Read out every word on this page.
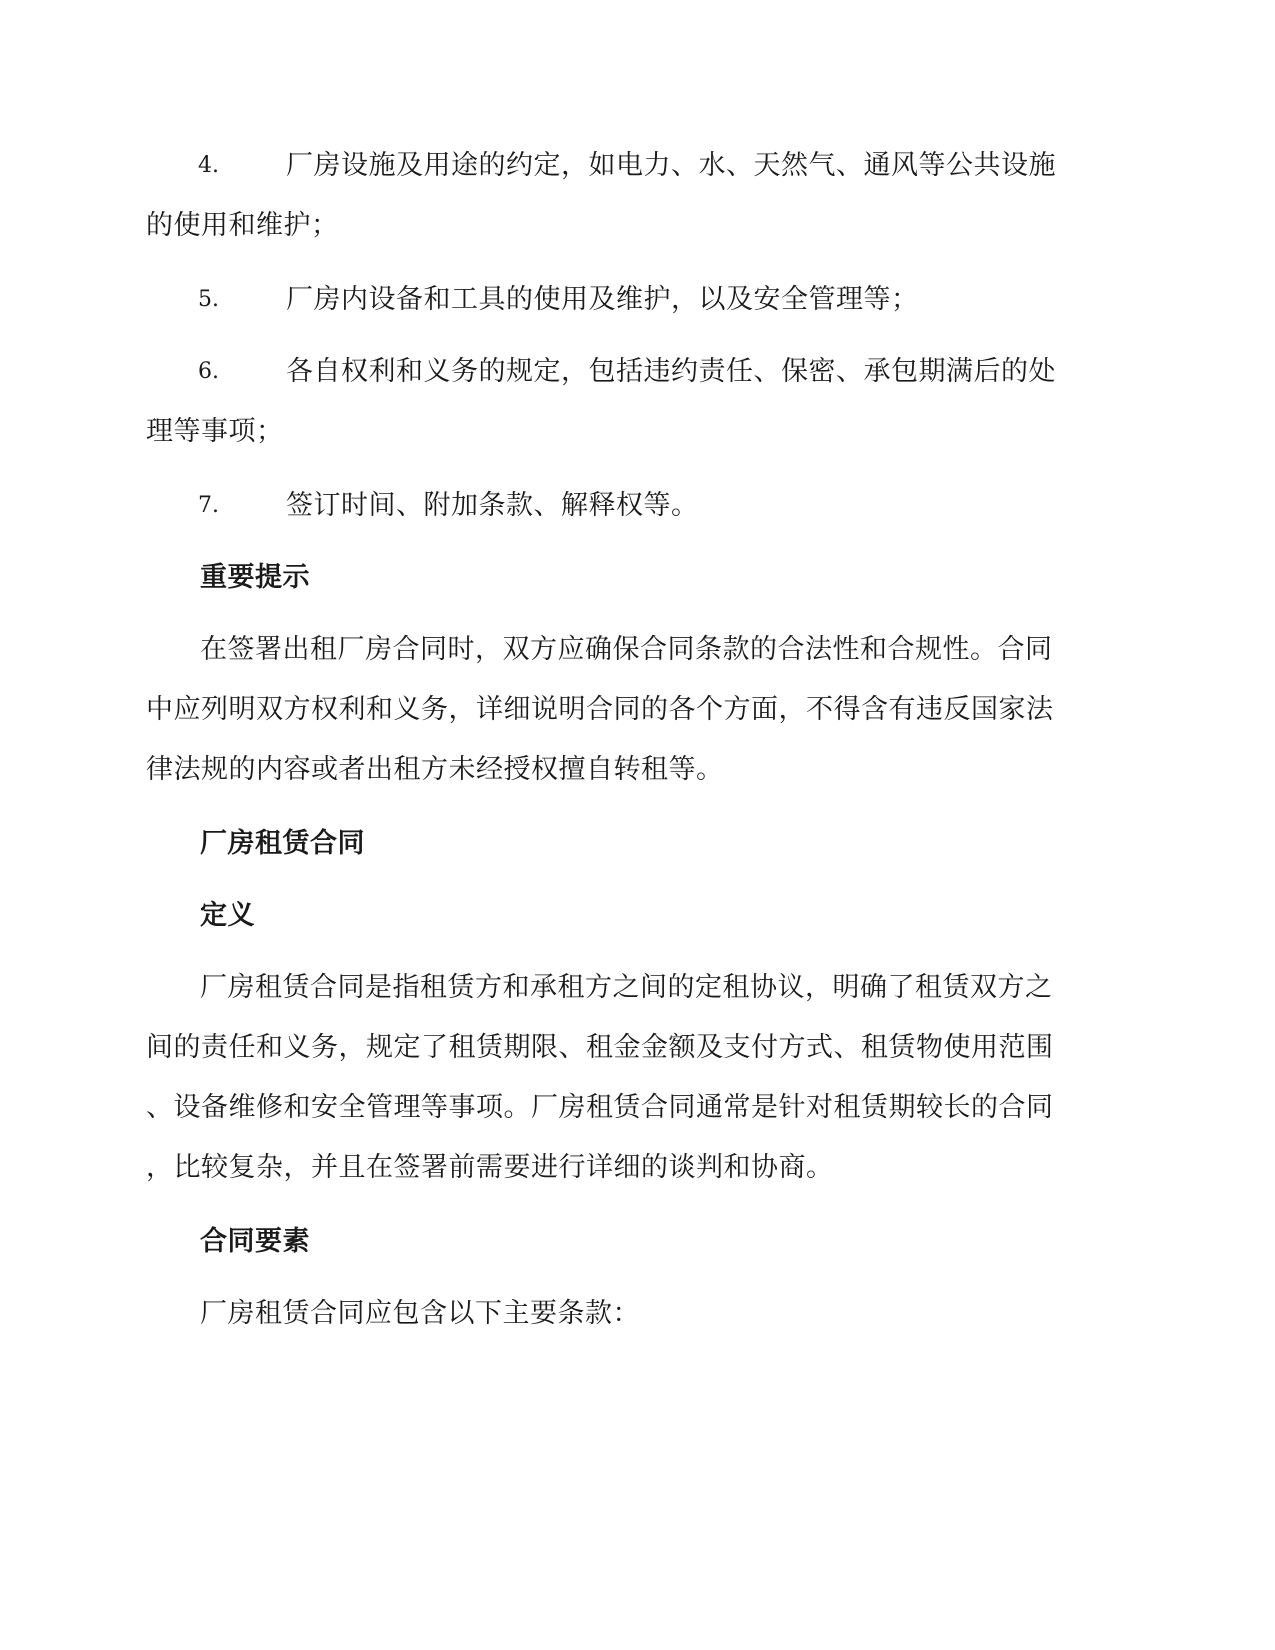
4. 厂房设施及用途的约定，如电力、水、天然气、通风等公共设施
的使用和维护；
5. 厂房内设备和工具的使用及维护，以及安全管理等；
6. 各自权利和义务的规定，包括违约责任、保密、承包期满后的处
理等事项；
7. 签订时间、附加条款、解释权等。
重要提示
在签署出租厂房合同时，双方应确保合同条款的合法性和合规性。合同
中应列明双方权利和义务，详细说明合同的各个方面，不得含有违反国家法
律法规的内容或者出租方未经授权擅自转租等。
厂房租赁合同
定义
厂房租赁合同是指租赁方和承租方之间的定租协议，明确了租赁双方之
间的责任和义务，规定了租赁期限、租金金额及支付方式、租赁物使用范围
、设备维修和安全管理等事项。厂房租赁合同通常是针对租赁期较长的合同
，比较复杂，并且在签署前需要进行详细的谈判和协商。
合同要素
厂房租赁合同应包含以下主要条款：
